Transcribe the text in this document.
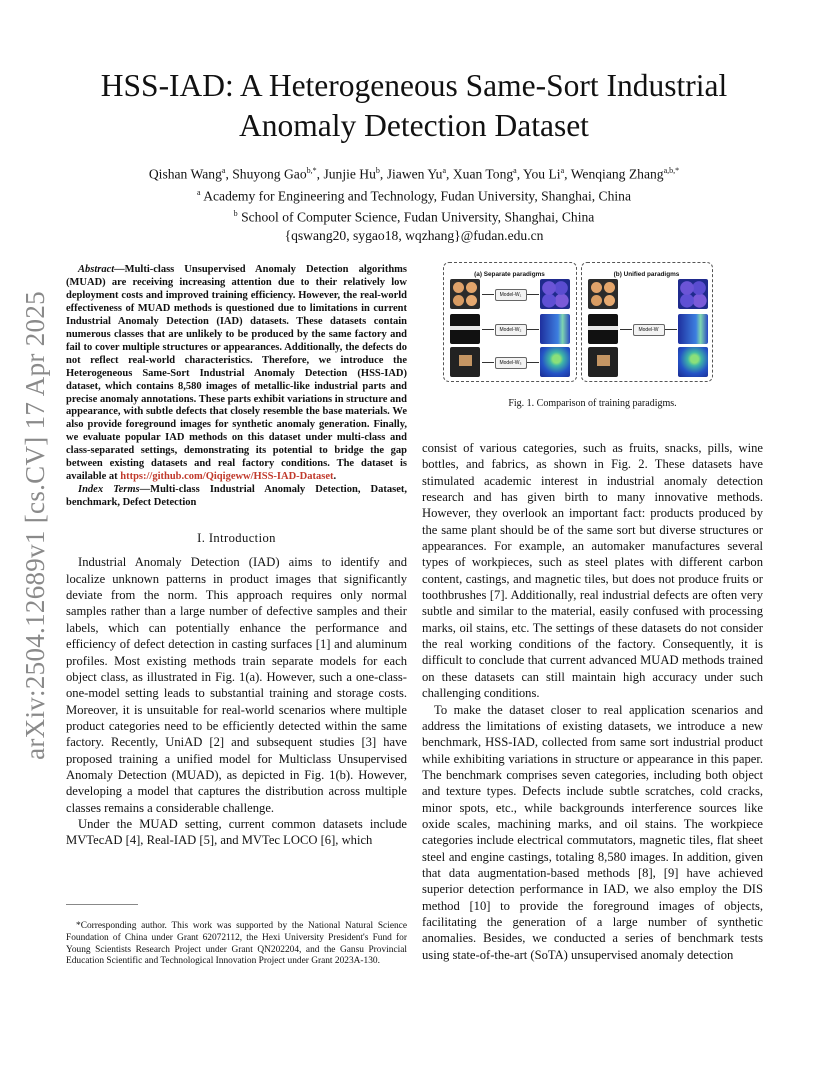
arXiv:2504.12689v1 [cs.CV] 17 Apr 2025
HSS-IAD: A Heterogeneous Same-Sort Industrial
Anomaly Detection Dataset
Qishan Wang$^a$, Shuyong Gao$^{b,*}$, Junjie Hu$^b$, Jiawen Yu$^a$, Xuan Tong$^a$, You Li$^a$, Wenqiang Zhang$^{a,b,*}$
$^a$ Academy for Engineering and Technology, Fudan University, Shanghai, China
$^b$ School of Computer Science, Fudan University, Shanghai, China
{qswang20, sygao18, wqzhang}@fudan.edu.cn

Abstract—Multi-class Unsupervised Anomaly Detection algorithms (MUAD) are receiving increasing attention due to their relatively low deployment costs and improved training efficiency. However, the real-world effectiveness of MUAD methods is questioned due to limitations in current Industrial Anomaly Detection (IAD) datasets. These datasets contain numerous classes that are unlikely to be produced by the same factory and fail to cover multiple structures or appearances. Additionally, the defects do not reflect real-world characteristics. Therefore, we introduce the Heterogeneous Same-Sort Industrial Anomaly Detection (HSS-IAD) dataset, which contains 8,580 images of metallic-like industrial parts and precise anomaly annotations. These parts exhibit variations in structure and appearance, with subtle defects that closely resemble the base materials. We also provide foreground images for synthetic anomaly generation. Finally, we evaluate popular IAD methods on this dataset under multi-class and class-separated settings, demonstrating its potential to bridge the gap between existing datasets and real factory conditions. The dataset is available at https://github.com/Qiqigeww/HSS-IAD-Dataset.

Index Terms—Multi-class Industrial Anomaly Detection, Dataset, benchmark, Defect Detection

I. Introduction

Industrial Anomaly Detection (IAD) aims to identify and localize unknown patterns in product images that significantly deviate from the norm. This approach requires only normal samples rather than a large number of defective samples and their labels, which can potentially enhance the performance and efficiency of defect detection in casting surfaces [1] and aluminum profiles. Most existing methods train separate models for each object class, as illustrated in Fig. 1(a). However, such a one-class-one-model setting leads to substantial training and storage costs. Moreover, it is unsuitable for real-world scenarios where multiple product categories need to be efficiently detected within the same factory. Recently, UniAD [2] and subsequent studies [3] have proposed training a unified model for Multiclass Unsupervised Anomaly Detection (MUAD), as depicted in Fig. 1(b). However, developing a model that captures the distribution across multiple classes remains a considerable challenge.

Under the MUAD setting, current common datasets include MVTecAD [4], Real-IAD [5], and MVTec LOCO [6], which

*Corresponding author. This work was supported by the National Natural Science Foundation of China under Grant 62072112, the Hexi University President's Fund for Young Scientists Research Project under Grant QN202204, and the Gansu Provincial Education Scientific and Technological Innovation Project under Grant 2023A-130.

(a) Separate paradigms
Model-W₁
Model-W₂
Model-W₃
(b) Unified paradigms
Model-W
Fig. 1. Comparison of training paradigms.

consist of various categories, such as fruits, snacks, pills, wine bottles, and fabrics, as shown in Fig. 2. These datasets have stimulated academic interest in industrial anomaly detection research and has given birth to many innovative methods. However, they overlook an important fact: products produced by the same plant should be of the same sort but diverse structures or appearances. For example, an automaker manufactures several types of workpieces, such as steel plates with different carbon content, castings, and magnetic tiles, but does not produce fruits or toothbrushes [7]. Additionally, real industrial defects are often very subtle and similar to the material, easily confused with processing marks, oil stains, etc. The settings of these datasets do not consider the real working conditions of the factory. Consequently, it is difficult to conclude that current advanced MUAD methods trained on these datasets can still maintain high accuracy under such challenging conditions.

To make the dataset closer to real application scenarios and address the limitations of existing datasets, we introduce a new benchmark, HSS-IAD, collected from same sort industrial product while exhibiting variations in structure or appearance in this paper. The benchmark comprises seven categories, including both object and texture types. Defects include subtle scratches, cold cracks, minor spots, etc., while backgrounds interference sources like oxide scales, machining marks, and oil stains. The workpiece categories include electrical commutators, magnetic tiles, flat sheet steel and engine castings, totaling 8,580 images. In addition, given that data augmentation-based methods [8], [9] have achieved superior detection performance in IAD, we also employ the DIS method [10] to provide the foreground images of objects, facilitating the generation of a large number of synthetic anomalies. Besides, we conducted a series of benchmark tests using state-of-the-art (SoTA) unsupervised anomaly detection
